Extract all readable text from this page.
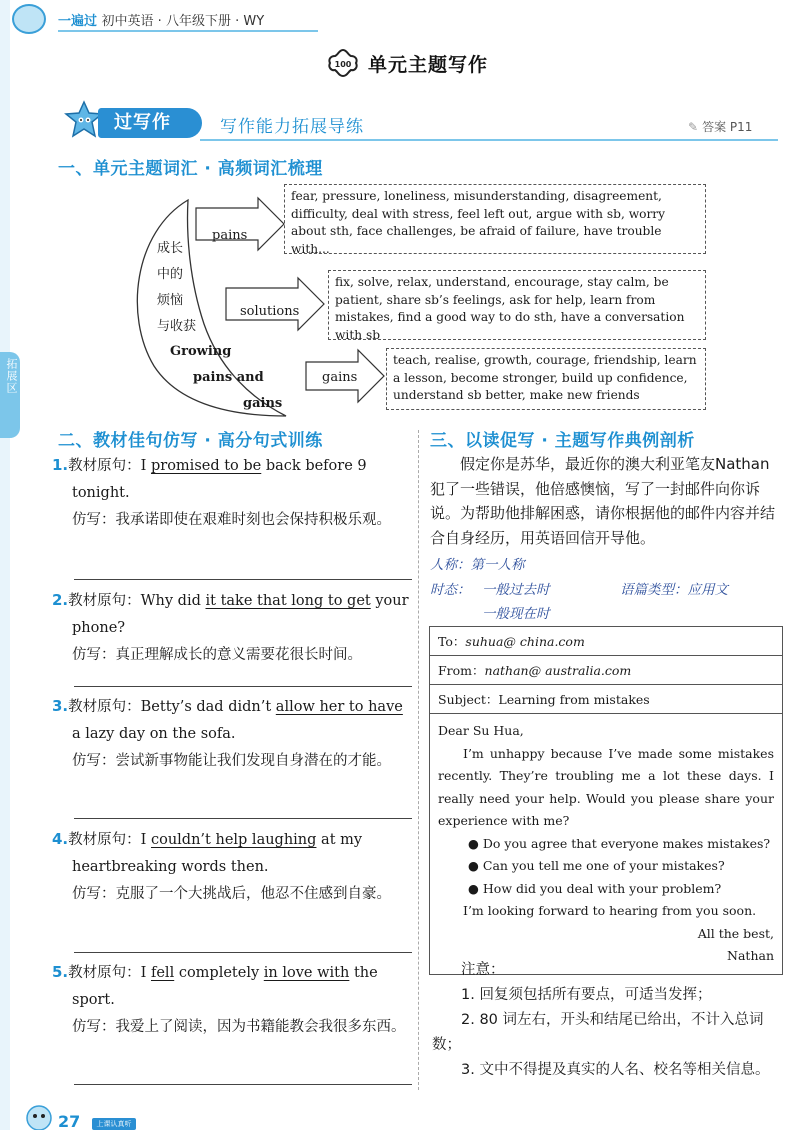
拓展区
一遍过 初中英语 · 八年级下册 · WY
100 单元主题写作
过写作	写作能力拓展导练	✎ 答案 P11
一、单元主题词汇 · 高频词汇梳理
成长
中的
烦恼
与收获
Growing
pains and
gains
pains
solutions
gains
fear, pressure, loneliness, misunderstanding, disagreement, difficulty, deal with stress, feel left out, argue with sb, worry about sth, face challenges, be afraid of failure, have trouble with...
fix, solve, relax, understand, encourage, stay calm, be patient, share sb’s feelings, ask for help, learn from mistakes, find a good way to do sth, have a conversation with sb
teach, realise, growth, courage, friendship, learn a lesson, become stronger, build up confidence, understand sb better, make new friends
二、教材佳句仿写 · 高分句式训练
1.教材原句：I promised to be back before 9 tonight.
仿写：我承诺即使在艰难时刻也会保持积极乐观。
2.教材原句：Why did it take that long to get your phone?
仿写：真正理解成长的意义需要花很长时间。
3.教材原句：Betty’s dad didn’t allow her to have a lazy day on the sofa.
仿写：尝试新事物能让我们发现自身潜在的才能。
4.教材原句：I couldn’t help laughing at my heartbreaking words then.
仿写：克服了一个大挑战后，他忍不住感到自豪。
5.教材原句：I fell completely in love with the sport.
仿写：我爱上了阅读，因为书籍能教会我很多东西。
三、以读促写 · 主题写作典例剖析
假定你是苏华，最近你的澳大利亚笔友Nathan犯了一些错误，他倍感懊恼，写了一封邮件向你诉说。为帮助他排解困惑，请你根据他的邮件内容并结合自身经历，用英语回信开导他。
人称：第一人称
时态： 一般过去时
一般现在时
语篇类型：应用文
To：suhua@ china.com
From：nathan@ australia.com
Subject：Learning from mistakes
Dear Su Hua,
I’m unhappy because I’ve made some mistakes recently. They’re troubling me a lot these days. I really need your help. Would you please share your experience with me?
● Do you agree that everyone makes mistakes?
● Can you tell me one of your mistakes?
● How did you deal with your problem?
I’m looking forward to hearing from you soon.
All the best,
Nathan
注意：
1. 回复须包括所有要点，可适当发挥；
2. 80 词左右，开头和结尾已给出，不计入总词数；
3. 文中不得提及真实的人名、校名等相关信息。
27	上课认真听
